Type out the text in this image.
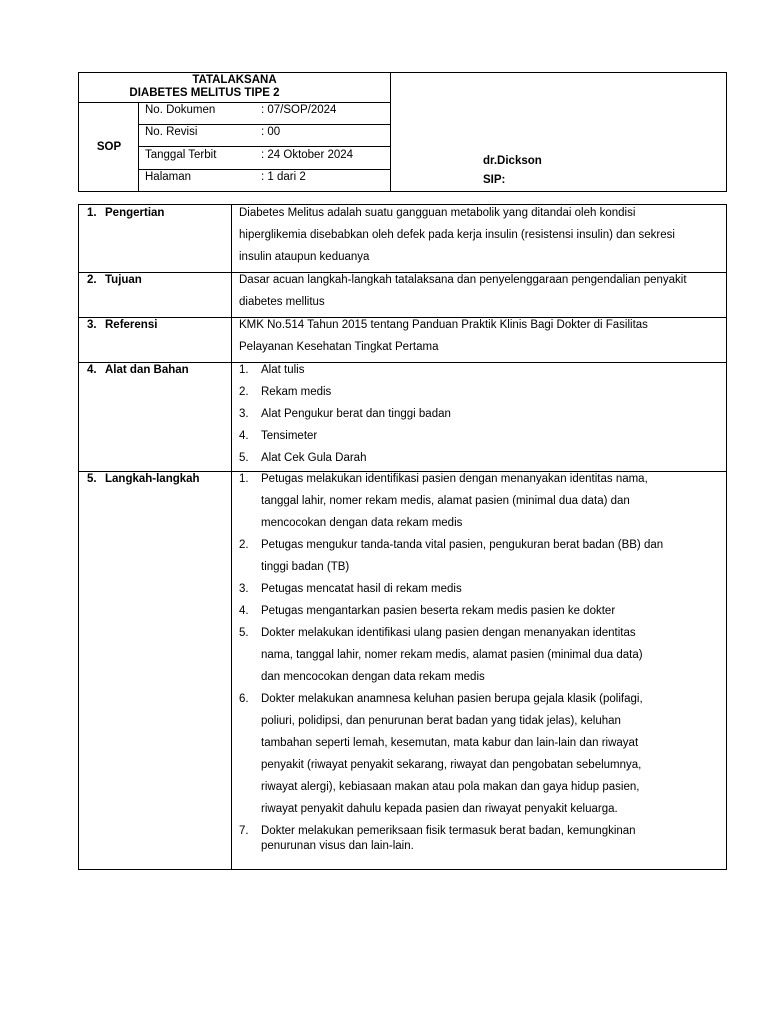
TATALAKSANA
DIABETES MELITUS TIPE 2
SOP
No. Dokumen	: 07/SOP/2024
No. Revisi	: 00
Tanggal Terbit	: 24 Oktober 2024
Halaman	: 1 dari 2
dr.Dickson
SIP:
1. Pengertian	Diabetes Melitus adalah suatu gangguan metabolik yang ditandai oleh kondisi
hiperglikemia disebabkan oleh defek pada kerja insulin (resistensi insulin) dan sekresi
insulin ataupun keduanya
2. Tujuan	Dasar acuan langkah-langkah tatalaksana dan penyelenggaraan pengendalian penyakit
diabetes mellitus
3. Referensi	KMK No.514 Tahun 2015 tentang Panduan Praktik Klinis Bagi Dokter di Fasilitas
Pelayanan Kesehatan Tingkat Pertama
4. Alat dan Bahan	1. Alat tulis
2. Rekam medis
3. Alat Pengukur berat dan tinggi badan
4. Tensimeter
5. Alat Cek Gula Darah
5. Langkah-langkah	1. Petugas melakukan identifikasi pasien dengan menanyakan identitas nama,
tanggal lahir, nomer rekam medis, alamat pasien (minimal dua data) dan
mencocokan dengan data rekam medis
2. Petugas mengukur tanda-tanda vital pasien, pengukuran berat badan (BB) dan
tinggi badan (TB)
3. Petugas mencatat hasil di rekam medis
4. Petugas mengantarkan pasien beserta rekam medis pasien ke dokter
5. Dokter melakukan identifikasi ulang pasien dengan menanyakan identitas
nama, tanggal lahir, nomer rekam medis, alamat pasien (minimal dua data)
dan mencocokan dengan data rekam medis
6. Dokter melakukan anamnesa keluhan pasien berupa gejala klasik (polifagi,
poliuri, polidipsi, dan penurunan berat badan yang tidak jelas), keluhan
tambahan seperti lemah, kesemutan, mata kabur dan lain-lain dan riwayat
penyakit (riwayat penyakit sekarang, riwayat dan pengobatan sebelumnya,
riwayat alergi), kebiasaan makan atau pola makan dan gaya hidup pasien,
riwayat penyakit dahulu kepada pasien dan riwayat penyakit keluarga.
7. Dokter melakukan pemeriksaan fisik termasuk berat badan, kemungkinan
penurunan visus dan lain-lain.
